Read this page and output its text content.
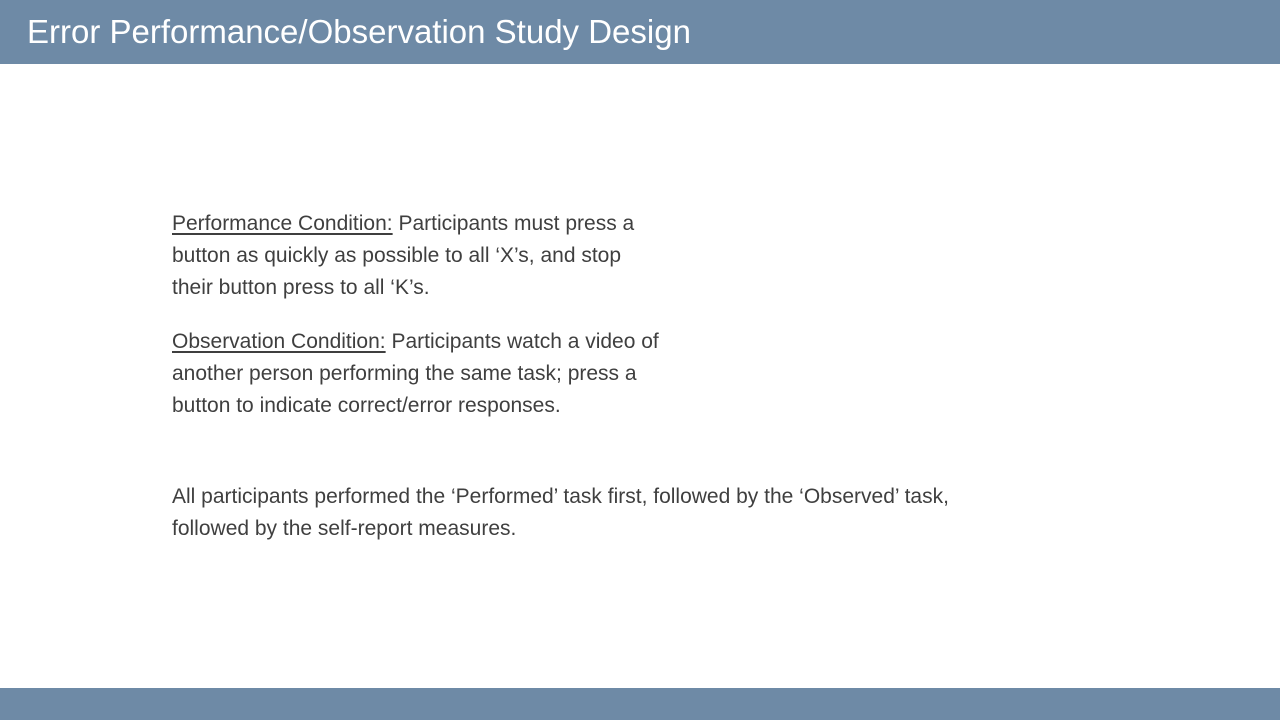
Error Performance/Observation Study Design

Performance Condition: Participants must press a button as quickly as possible to all ‘X’s, and stop their button press to all ‘K’s.

Observation Condition: Participants watch a video of another person performing the same task; press a button to indicate correct/error responses.

All participants performed the ‘Performed’ task first, followed by the ‘Observed’ task, followed by the self-report measures.
